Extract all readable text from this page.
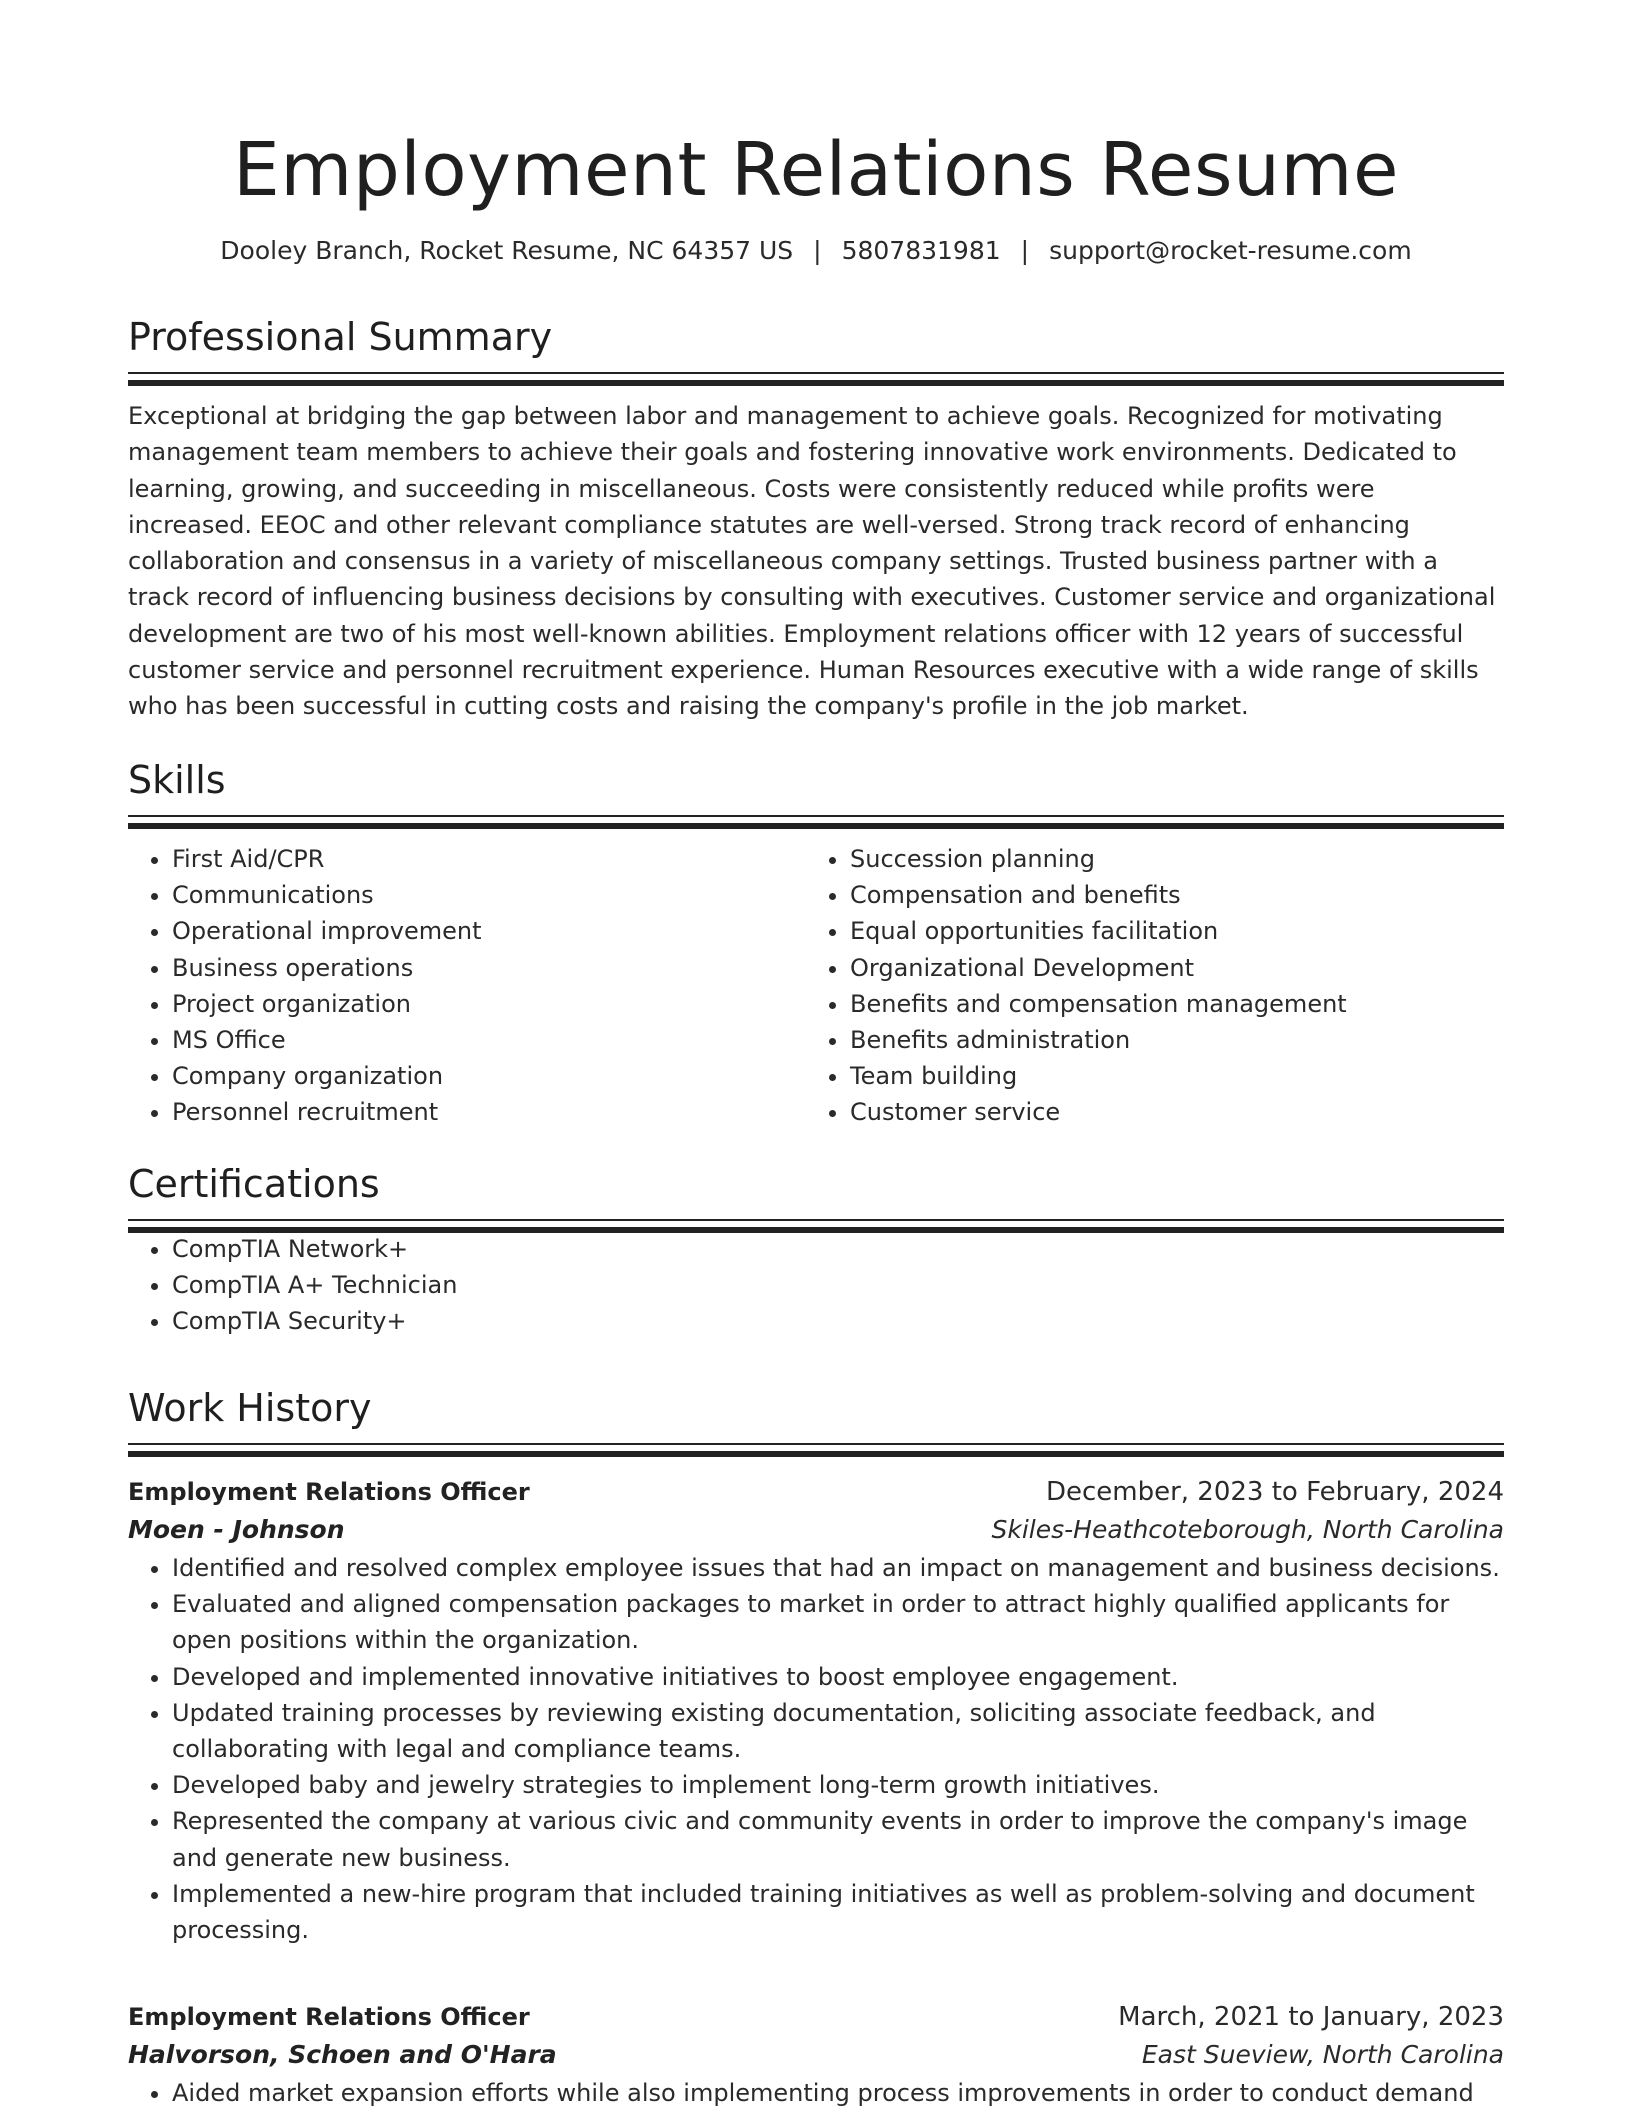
Employment Relations Resume
Dooley Branch, Rocket Resume, NC 64357 US | 5807831981 | support@rocket-resume.com
Professional Summary

Exceptional at bridging the gap between labor and management to achieve goals. Recognized for motivating management team members to achieve their goals and fostering innovative work environments. Dedicated to learning, growing, and succeeding in miscellaneous. Costs were consistently reduced while profits were increased. EEOC and other relevant compliance statutes are well-versed. Strong track record of enhancing collaboration and consensus in a variety of miscellaneous company settings. Trusted business partner with a track record of influencing business decisions by consulting with executives. Customer service and organizational development are two of his most well-known abilities. Employment relations officer with 12 years of successful customer service and personnel recruitment experience. Human Resources executive with a wide range of skills who has been successful in cutting costs and raising the company's profile in the job market.

Skills
• First Aid/CPR
• Communications
• Operational improvement
• Business operations
• Project organization
• MS Office
• Company organization
• Personnel recruitment
• Succession planning
• Compensation and benefits
• Equal opportunities facilitation
• Organizational Development
• Benefits and compensation management
• Benefits administration
• Team building
• Customer service
Certifications
• CompTIA Network+
• CompTIA A+ Technician
• CompTIA Security+
Work History
Employment Relations Officer	December, 2023 to February, 2024
Moen - Johnson	Skiles-Heathcoteborough, North Carolina
• Identified and resolved complex employee issues that had an impact on management and business decisions.
• Evaluated and aligned compensation packages to market in order to attract highly qualified applicants for open positions within the organization.
• Developed and implemented innovative initiatives to boost employee engagement.
• Updated training processes by reviewing existing documentation, soliciting associate feedback, and collaborating with legal and compliance teams.
• Developed baby and jewelry strategies to implement long-term growth initiatives.
• Represented the company at various civic and community events in order to improve the company's image and generate new business.
• Implemented a new-hire program that included training initiatives as well as problem-solving and document processing.
Employment Relations Officer	March, 2021 to January, 2023
Halvorson, Schoen and O'Hara	East Sueview, North Carolina
• Aided market expansion efforts while also implementing process improvements in order to conduct demand
